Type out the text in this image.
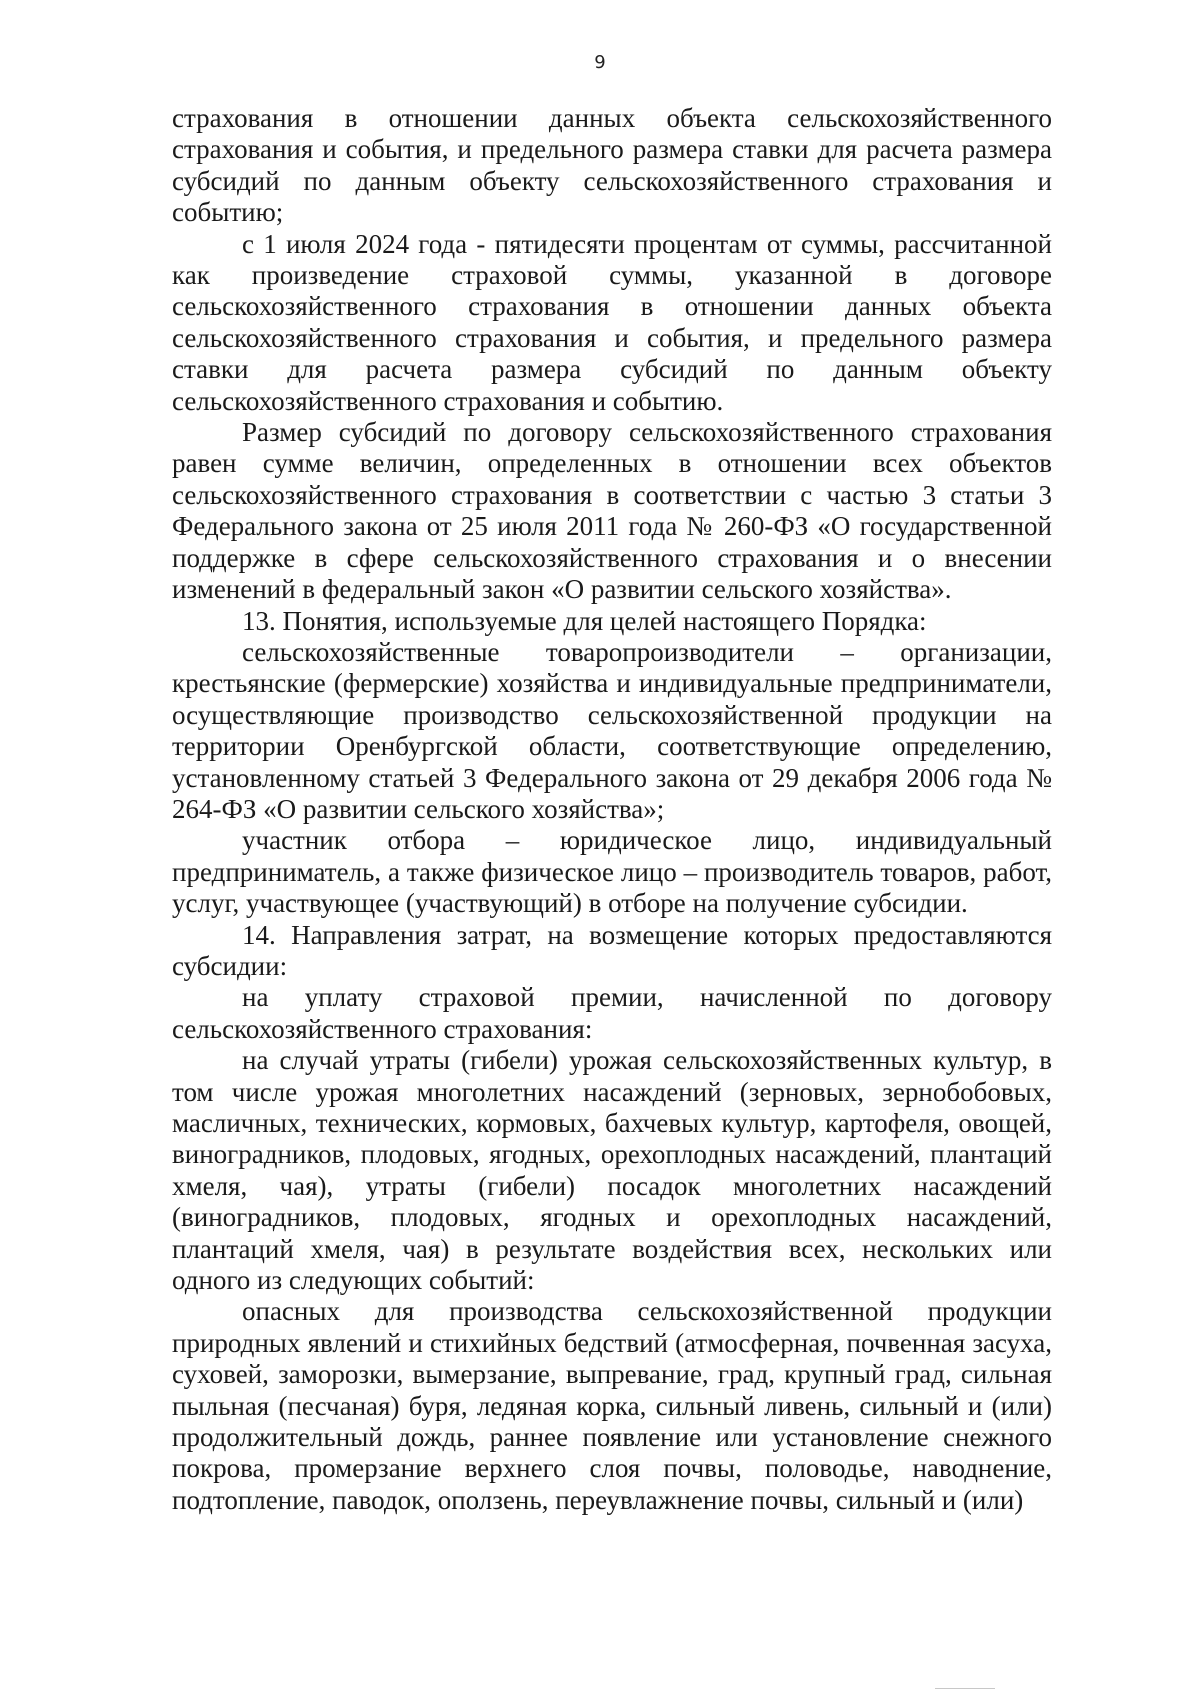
9

страхования в отношении данных объекта сельскохозяйственного страхования и события, и предельного размера ставки для расчета размера субсидий по данным объекту сельскохозяйственного страхования и событию;

с 1 июля 2024 года - пятидесяти процентам от суммы, рассчитанной как произведение страховой суммы, указанной в договоре сельскохозяйственного страхования в отношении данных объекта сельскохозяйственного страхования и события, и предельного размера ставки для расчета размера субсидий по данным объекту сельскохозяйственного страхования и событию.

Размер субсидий по договору сельскохозяйственного страхования равен сумме величин, определенных в отношении всех объектов сельскохозяйственного страхования в соответствии с частью 3 статьи 3 Федерального закона от 25 июля 2011 года № 260-ФЗ «О государственной поддержке в сфере сельскохозяйственного страхования и о внесении изменений в федеральный закон «О развитии сельского хозяйства».

13. Понятия, используемые для целей настоящего Порядка:

сельскохозяйственные товаропроизводители – организации, крестьянские (фермерские) хозяйства и индивидуальные предприниматели, осуществляющие производство сельскохозяйственной продукции на территории Оренбургской области, соответствующие определению, установленному статьей 3 Федерального закона от 29 декабря 2006 года № 264-ФЗ «О развитии сельского хозяйства»;

участник отбора – юридическое лицо, индивидуальный предприниматель, а также физическое лицо – производитель товаров, работ, услуг, участвующее (участвующий) в отборе на получение субсидии.

14. Направления затрат, на возмещение которых предоставляются субсидии:

на уплату страховой премии, начисленной по договору сельскохозяйственного страхования:

на случай утраты (гибели) урожая сельскохозяйственных культур, в том числе урожая многолетних насаждений (зерновых, зернобобовых, масличных, технических, кормовых, бахчевых культур, картофеля, овощей, виноградников, плодовых, ягодных, орехоплодных насаждений, плантаций хмеля, чая), утраты (гибели) посадок многолетних насаждений (виноградников, плодовых, ягодных и орехоплодных насаждений, плантаций хмеля, чая) в результате воздействия всех, нескольких или одного из следующих событий:

опасных для производства сельскохозяйственной продукции природных явлений и стихийных бедствий (атмосферная, почвенная засуха, суховей, заморозки, вымерзание, выпревание, град, крупный град, сильная пыльная (песчаная) буря, ледяная корка, сильный ливень, сильный и (или) продолжительный дождь, раннее появление или установление снежного покрова, промерзание верхнего слоя почвы, половодье, наводнение, подтопление, паводок, оползень, переувлажнение почвы, сильный и (или)
